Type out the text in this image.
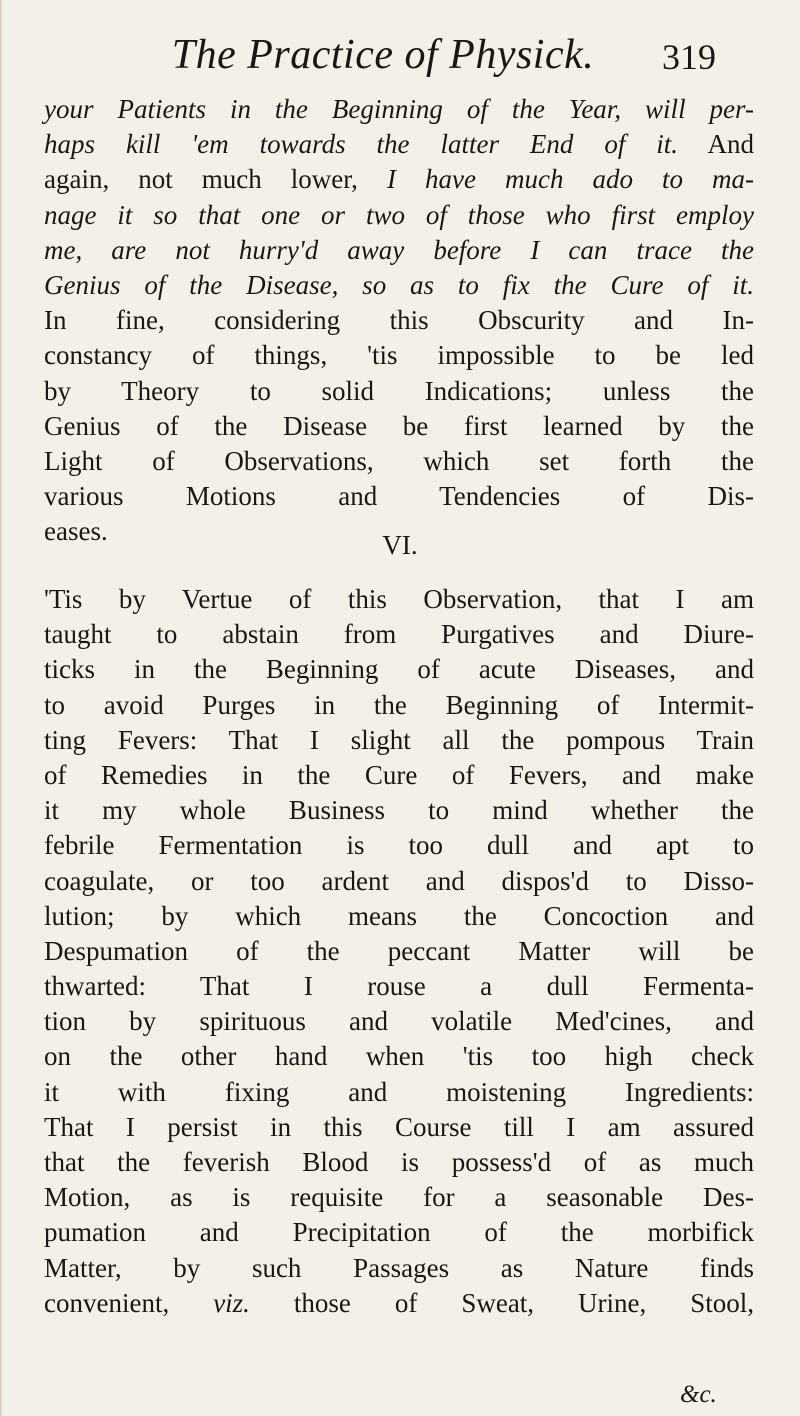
The Practice of Physick.	319
your Patients in the Beginning of the Year, will per-
haps kill 'em towards the latter End of it. And
again, not much lower, I have much ado to ma-
nage it so that one or two of those who first employ
me, are not hurry'd away before I can trace the
Genius of the Disease, so as to fix the Cure of it.
In fine, considering this Obscurity and In-
constancy of things, 'tis impossible to be led
by Theory to solid Indications; unless the
Genius of the Disease be first learned by the
Light of Observations, which set forth the
various Motions and Tendencies of Dis-
eases.	VI.
'Tis by Vertue of this Observation, that I am
taught to abstain from Purgatives and Diure-
ticks in the Beginning of acute Diseases, and
to avoid Purges in the Beginning of Intermit-
ting Fevers: That I slight all the pompous Train
of Remedies in the Cure of Fevers, and make
it my whole Business to mind whether the
febrile Fermentation is too dull and apt to
coagulate, or too ardent and dispos'd to Disso-
lution; by which means the Concoction and
Despumation of the peccant Matter will be
thwarted: That I rouse a dull Fermenta-
tion by spirituous and volatile Med'cines, and
on the other hand when 'tis too high check
it with fixing and moistening Ingredients:
That I persist in this Course till I am assured
that the feverish Blood is possess'd of as much
Motion, as is requisite for a seasonable Des-
pumation and Precipitation of the morbifick
Matter, by such Passages as Nature finds
convenient, viz. those of Sweat, Urine, Stool,
&c.
